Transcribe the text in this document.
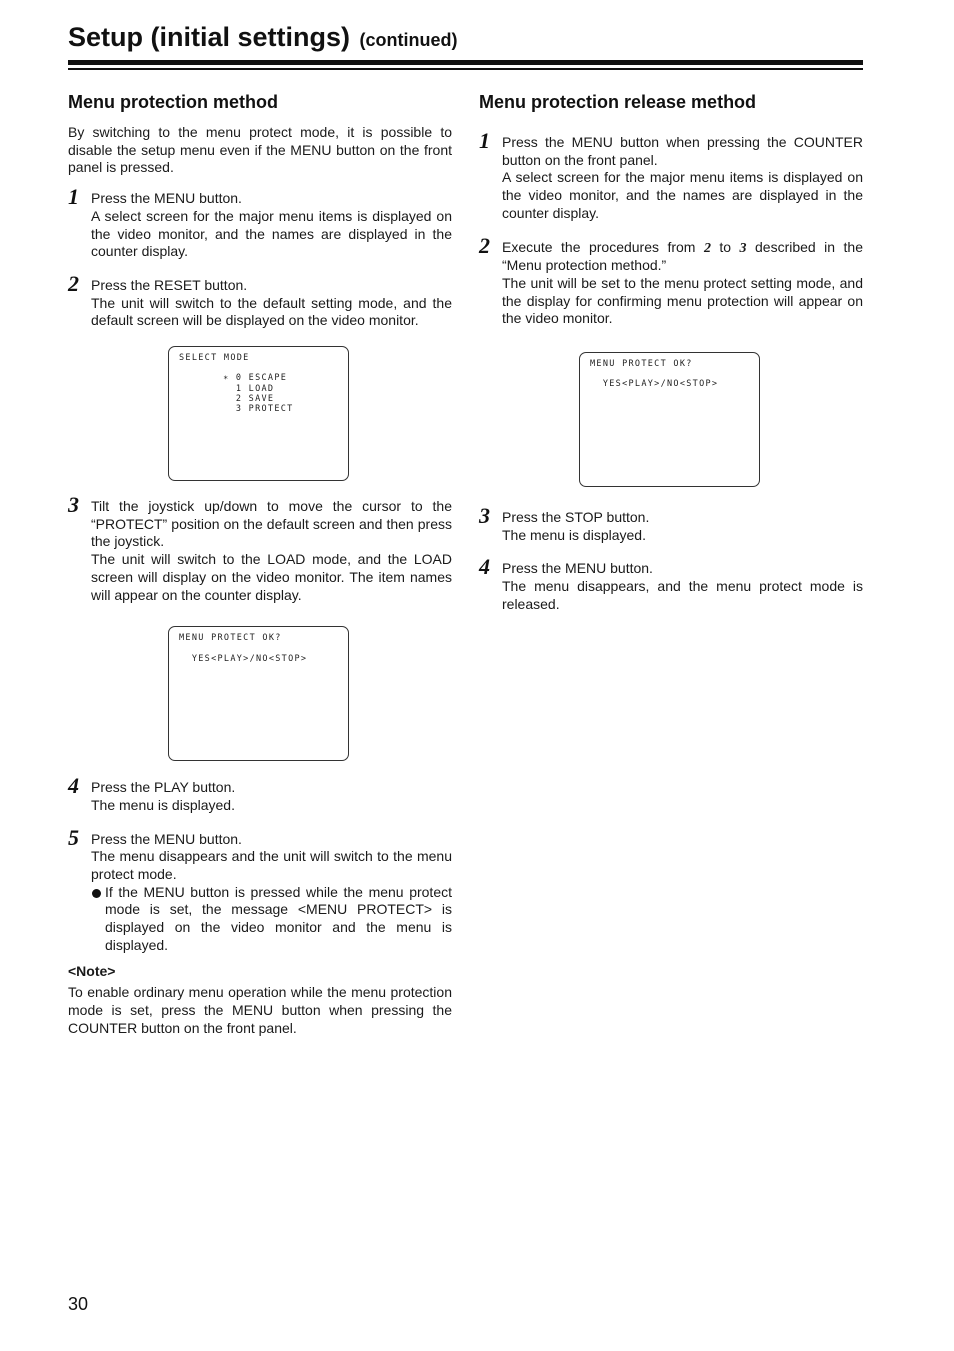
Setup (initial settings) (continued)
Menu protection method

By switching to the menu protect mode, it is possible to disable the setup menu even if the MENU button on the front panel is pressed.

1 Press the MENU button.

A select screen for the major menu items is displayed on the video monitor, and the names are displayed in the counter display.

2 Press the RESET button.

The unit will switch to the default setting mode, and the default screen will be displayed on the video monitor.

SELECT MODE
∗ 0 ESCAPE
1 LOAD
2 SAVE
3 PROTECT
3 Tilt the joystick up/down to move the cursor to the “PROTECT” position on the default screen and then press the joystick.

The unit will switch to the LOAD mode, and the LOAD screen will display on the video monitor. The item names will appear on the counter display.

MENU PROTECT OK?
YES<PLAY>/NO<STOP>
4 Press the PLAY button.

The menu is displayed.

5 Press the MENU button.

The menu disappears and the unit will switch to the menu protect mode.

If the MENU button is pressed while the menu protect mode is set, the message <MENU PROTECT> is displayed on the video monitor and the menu is displayed.

<Note>

To enable ordinary menu operation while the menu protection mode is set, press the MENU button when pressing the COUNTER button on the front panel.

Menu protection release method
1 Press the MENU button when pressing the COUNTER button on the front panel.

A select screen for the major menu items is displayed on the video monitor, and the names are displayed in the counter display.

2 Execute the procedures from 2 to 3 described in the “Menu protection method.”

The unit will be set to the menu protect setting mode, and the display for confirming menu protection will appear on the video monitor.

MENU PROTECT OK?
YES<PLAY>/NO<STOP>
3 Press the STOP button.

The menu is displayed.

4 Press the MENU button.

The menu disappears, and the menu protect mode is released.

30
